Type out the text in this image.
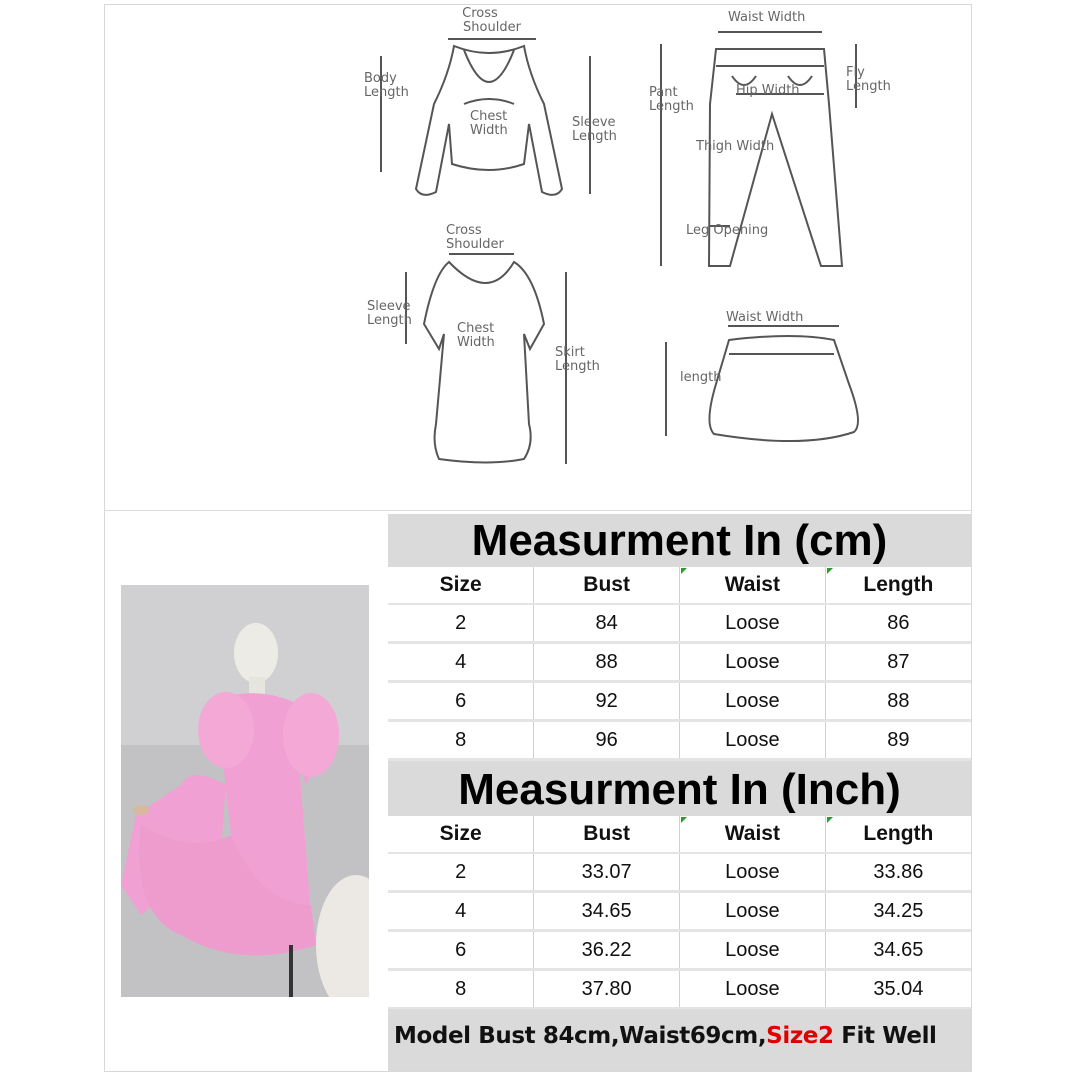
Cross
Shoulder
Body
Length
Chest
Width
Sleeve
Length
Waist Width
Pant
Length
Fly
Length
Hip Width
Thigh Width
Leg Opening
Cross
Shoulder
Sleeve
Length
Chest
Width
Skirt
Length
Waist Width
length
Measurment In (cm)
Size	Bust	Waist	Length
2	84	Loose	86
4	88	Loose	87
6	92	Loose	88
8	96	Loose	89
Measurment In (Inch)
Size	Bust	Waist	Length
2	33.07	Loose	33.86
4	34.65	Loose	34.25
6	36.22	Loose	34.65
8	37.80	Loose	35.04
Model Bust 84cm,Waist69cm,Size2 Fit Well
